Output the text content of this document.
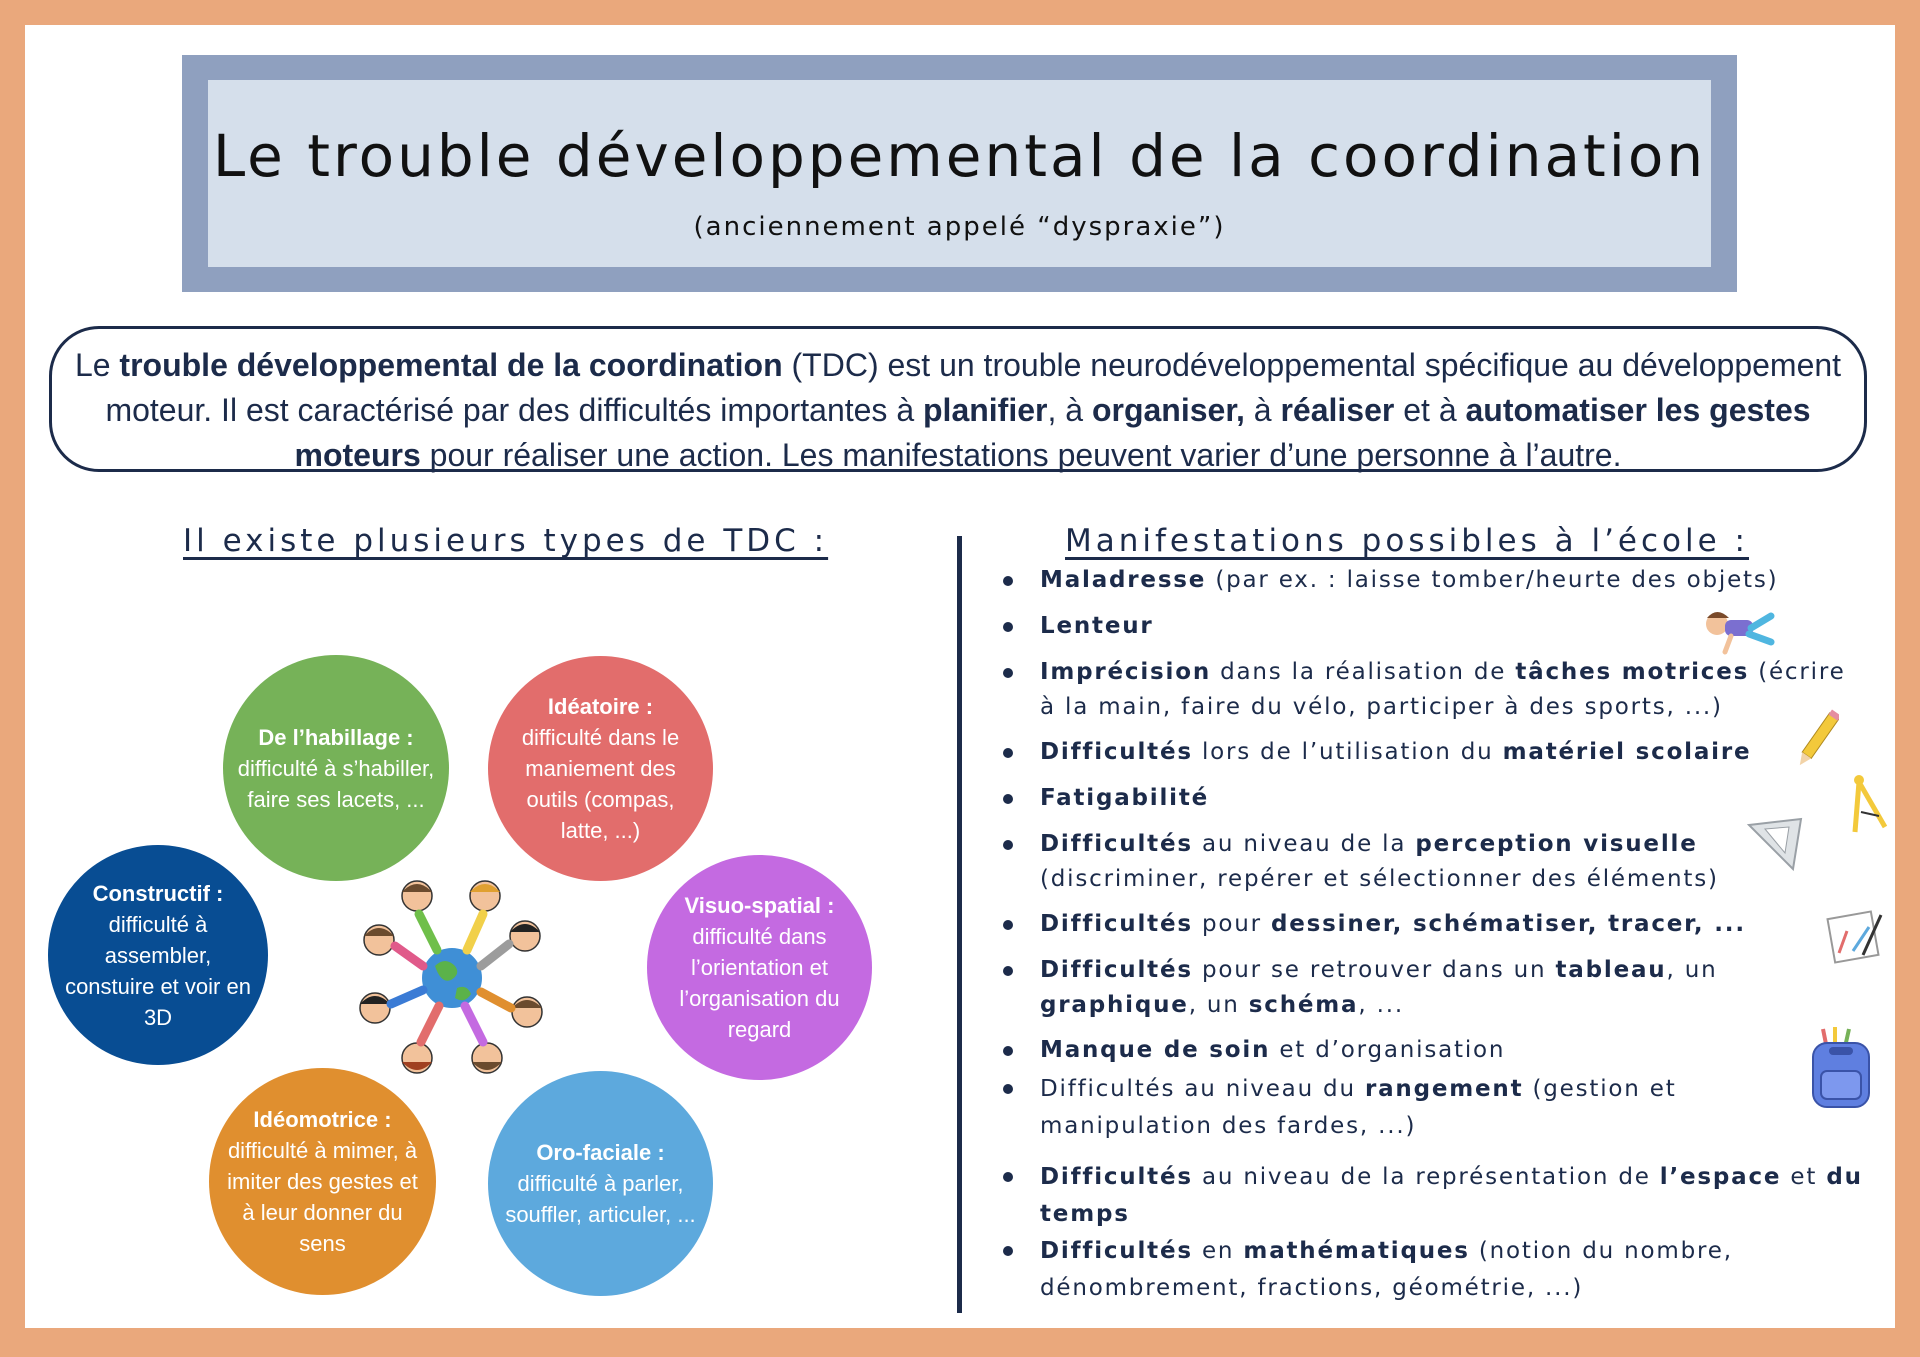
Le trouble développemental de la coordination
(anciennement appelé “dyspraxie”)
Le trouble développemental de la coordination (TDC) est un trouble neurodéveloppemental spécifique au développement moteur. Il est caractérisé par des difficultés importantes à planifier, à organiser, à réaliser et à automatiser les gestes moteurs pour réaliser une action. Les manifestations peuvent varier d’une personne à l’autre.
Il existe plusieurs types de TDC :
De l’habillage :
difficulté à s’habiller, faire ses lacets, ...
Idéatoire :
difficulté dans le maniement des outils (compas, latte, ...)
Constructif :
difficulté à assembler, constuire et voir en 3D
Visuo-spatial :
difficulté dans l’orientation et l’organisation du regard
Idéomotrice :
difficulté à mimer, à imiter des gestes et à leur donner du sens
Oro-faciale :
difficulté à parler, souffler, articuler, ...
Manifestations possibles à l’école :
Maladresse (par ex. : laisse tomber/heurte des objets)
Lenteur
Imprécision dans la réalisation de tâches motrices (écrire à la main, faire du vélo, participer à des sports, ...)
Difficultés lors de l’utilisation du matériel scolaire
Fatigabilité
Difficultés au niveau de la perception visuelle (discriminer, repérer et sélectionner des éléments)
Difficultés pour dessiner, schématiser, tracer, ...
Difficultés pour se retrouver dans un tableau, un graphique, un schéma, ...
Manque de soin et d’organisation
Difficultés au niveau du rangement (gestion et manipulation des fardes, ...)
Difficultés au niveau de la représentation de l’espace et du temps
Difficultés en mathématiques (notion du nombre, dénombrement, fractions, géométrie, ...)
